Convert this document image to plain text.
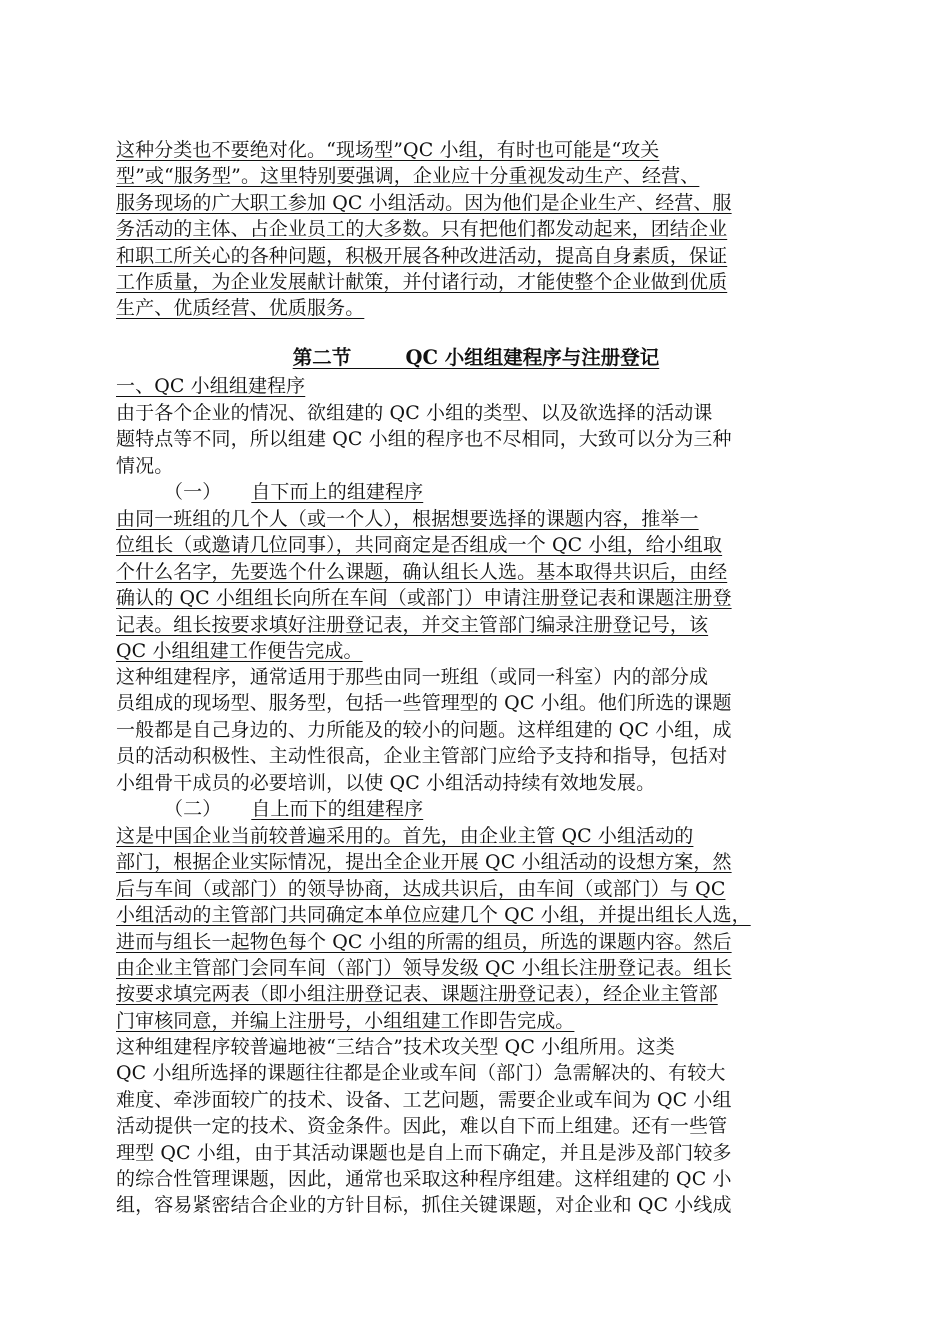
这种分类也不要绝对化。“现场型”QC 小组，有时也可能是“攻关
型”或“服务型”。这里特别要强调，企业应十分重视发动生产、经营、
服务现场的广大职工参加 QC 小组活动。因为他们是企业生产、经营、服
务活动的主体、占企业员工的大多数。只有把他们都发动起来，团结企业
和职工所关心的各种问题，积极开展各种改进活动，提高自身素质，保证
工作质量，为企业发展献计献策，并付诸行动，才能使整个企业做到优质
生产、优质经营、优质服务。
第二节        QC 小组组建程序与注册登记
一、QC 小组组建程序
由于各个企业的情况、欲组建的 QC 小组的类型、以及欲选择的活动课
题特点等不同，所以组建 QC 小组的程序也不尽相同，大致可以分为三种
情况。
（一） 自下而上的组建程序
由同一班组的几个人（或一个人），根据想要选择的课题内容，推举一
位组长（或邀请几位同事），共同商定是否组成一个 QC 小组，给小组取
个什么名字，先要选个什么课题，确认组长人选。基本取得共识后，由经
确认的 QC 小组组长向所在车间（或部门）申请注册登记表和课题注册登
记表。组长按要求填好注册登记表，并交主管部门编录注册登记号，该
QC 小组组建工作便告完成。
这种组建程序，通常适用于那些由同一班组（或同一科室）内的部分成
员组成的现场型、服务型，包括一些管理型的 QC 小组。他们所选的课题
一般都是自己身边的、力所能及的较小的问题。这样组建的 QC 小组，成
员的活动积极性、主动性很高，企业主管部门应给予支持和指导，包括对
小组骨干成员的必要培训，以使 QC 小组活动持续有效地发展。
（二） 自上而下的组建程序
这是中国企业当前较普遍采用的。首先，由企业主管 QC 小组活动的
部门，根据企业实际情况，提出全企业开展 QC 小组活动的设想方案，然
后与车间（或部门）的领导协商，达成共识后，由车间（或部门）与 QC
小组活动的主管部门共同确定本单位应建几个 QC 小组，并提出组长人选，
进而与组长一起物色每个 QC 小组的所需的组员，所选的课题内容。然后
由企业主管部门会同车间（部门）领导发级 QC 小组长注册登记表。组长
按要求填完两表（即小组注册登记表、课题注册登记表），经企业主管部
门审核同意，并编上注册号，小组组建工作即告完成。
这种组建程序较普遍地被“三结合”技术攻关型 QC 小组所用。这类
QC 小组所选择的课题往往都是企业或车间（部门）急需解决的、有较大
难度、牵涉面较广的技术、设备、工艺问题，需要企业或车间为 QC 小组
活动提供一定的技术、资金条件。因此，难以自下而上组建。还有一些管
理型 QC 小组，由于其活动课题也是自上而下确定，并且是涉及部门较多
的综合性管理课题，因此，通常也采取这种程序组建。这样组建的 QC 小
组，容易紧密结合企业的方针目标，抓住关键课题，对企业和 QC 小线成
